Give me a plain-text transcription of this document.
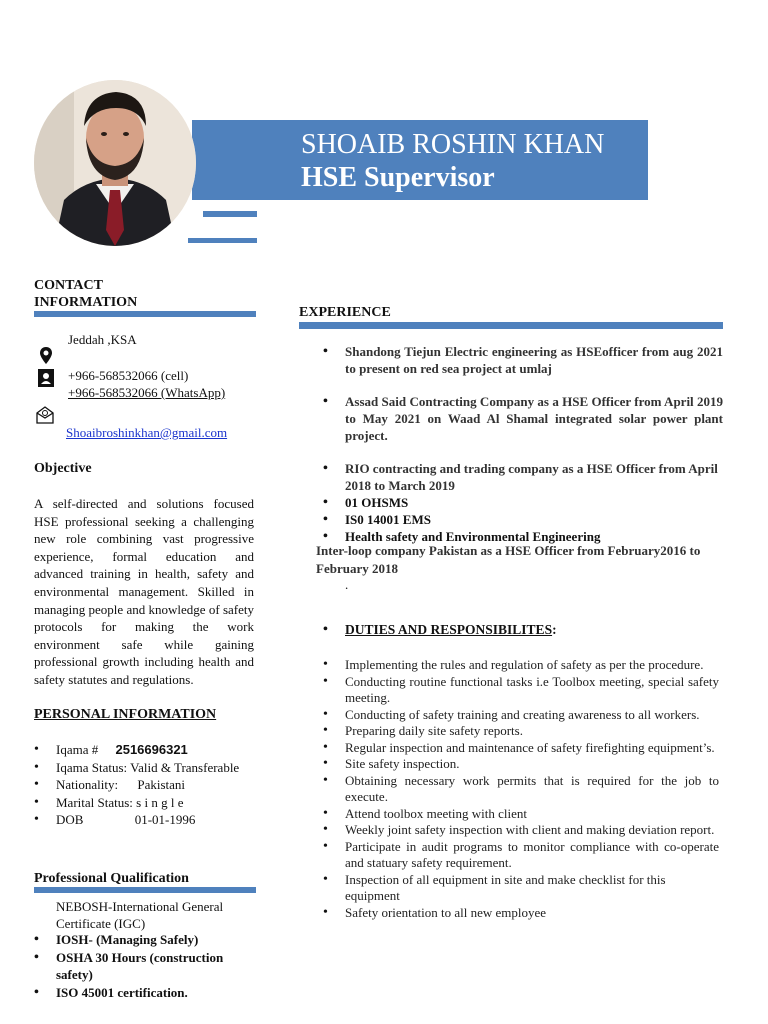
SHOAIB ROSHIN KHAN
HSE Supervisor
CONTACT
INFORMATION
Jeddah ,KSA
+966-568532066 (cell)
+966-568532066 (WhatsApp)
Shoaibroshinkhan@gmail.com
Objective
A self-directed and solutions focused HSE professional seeking a challenging new role combining vast progressive experience, formal education and advanced training in health, safety and environmental management. Skilled in managing people and knowledge of safety protocols for making the work environment safe while gaining professional growth including health and safety statutes and regulations.
PERSONAL INFORMATION
• Iqama # 2516696321
• Iqama Status: Valid & Transferable
• Nationality: Pakistani
• Marital Status: s i n g l e
• DOB	01-01-1996
Professional Qualification
NEBOSH-International General Certificate (IGC)
• IOSH- (Managing Safely)
• OSHA 30 Hours (construction safety)
• ISO 45001 certification.
EXPERIENCE
• Shandong Tiejun Electric engineering as HSEofficer from aug 2021 to present on red sea project at umlaj
• Assad Said Contracting Company as a HSE Officer from April 2019 to May 2021 on Waad Al Shamal integrated solar power plant project.
• RIO contracting and trading company as a HSE Officer from April 2018 to March 2019
• 01 OHSMS
• IS0 14001 EMS
• Health safety and Environmental Engineering
Inter-loop company Pakistan as a HSE Officer from February2016 to February 2018
.
• DUTIES AND RESPONSIBILITES:
• Implementing the rules and regulation of safety as per the procedure.
• Conducting routine functional tasks i.e Toolbox meeting, special safety meeting.
• Conducting of safety training and creating awareness to all workers.
• Preparing daily site safety reports.
• Regular inspection and maintenance of safety firefighting equipment’s.
• Site safety inspection.
• Obtaining necessary work permits that is required for the job to execute.
• Attend toolbox meeting with client
• Weekly joint safety inspection with client and making deviation report.
• Participate in audit programs to monitor compliance with co-operate and statuary safety requirement.
• Inspection of all equipment in site and make checklist for this equipment
• Safety orientation to all new employee
